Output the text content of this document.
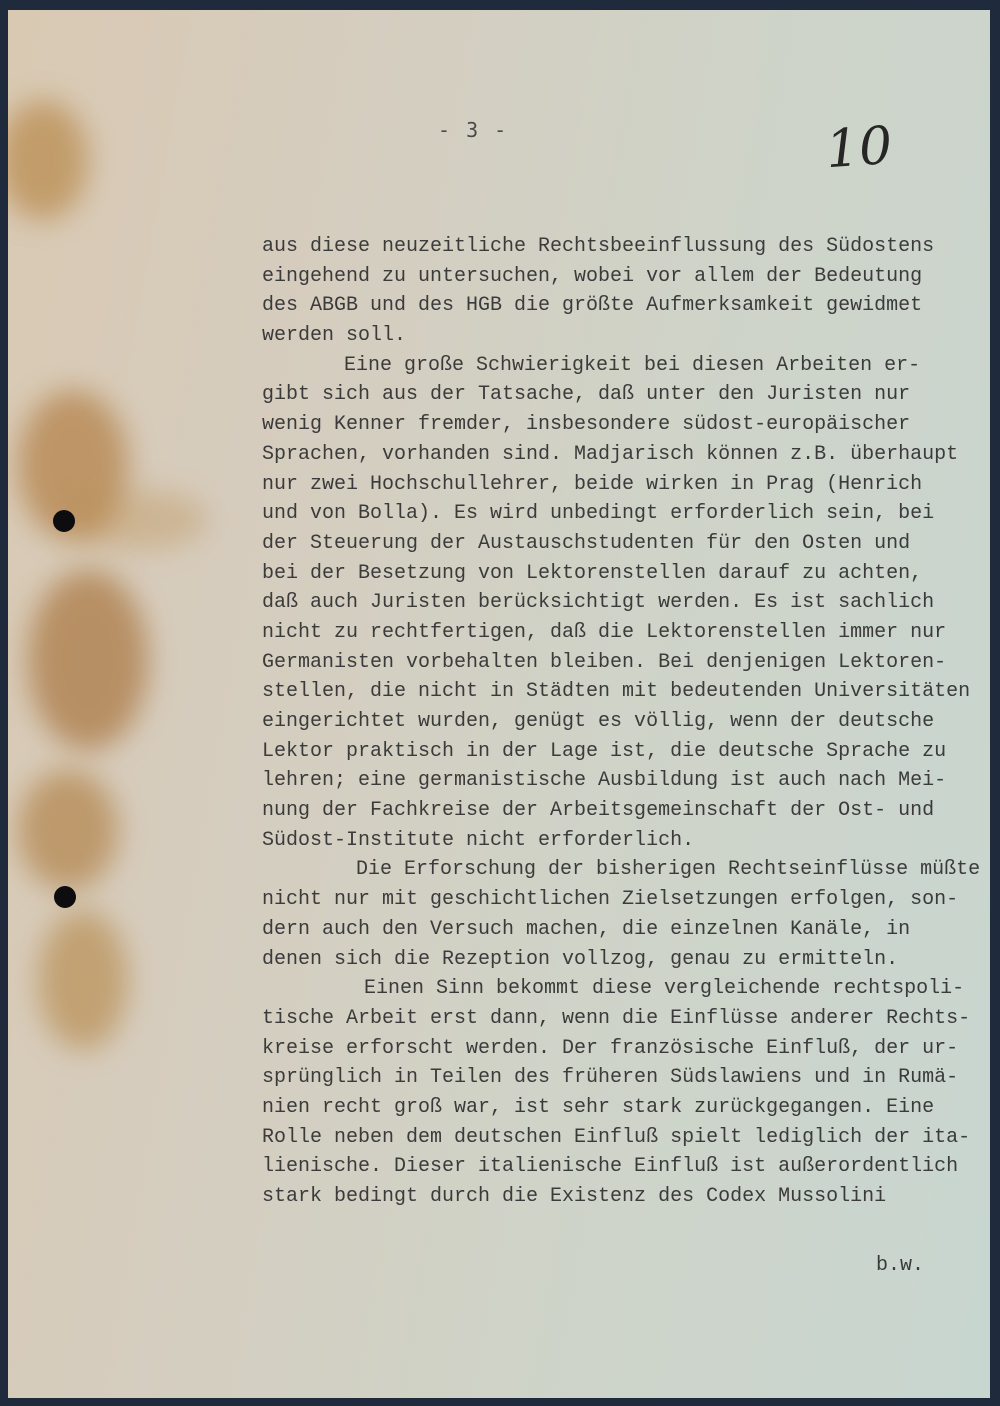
- 3 -	10
aus diese neuzeitliche Rechtsbeeinflussung des Südostens
eingehend zu untersuchen, wobei vor allem der Bedeutung
des ABGB und des HGB die größte Aufmerksamkeit gewidmet
werden soll.
Eine große Schwierigkeit bei diesen Arbeiten er-
gibt sich aus der Tatsache, daß unter den Juristen nur
wenig Kenner fremder, insbesondere südost-europäischer
Sprachen, vorhanden sind. Madjarisch können z.B. überhaupt
nur zwei Hochschullehrer, beide wirken in Prag (Henrich
und von Bolla). Es wird unbedingt erforderlich sein, bei
der Steuerung der Austauschstudenten für den Osten und
bei der Besetzung von Lektorenstellen darauf zu achten,
daß auch Juristen berücksichtigt werden. Es ist sachlich
nicht zu rechtfertigen, daß die Lektorenstellen immer nur
Germanisten vorbehalten bleiben. Bei denjenigen Lektoren-
stellen, die nicht in Städten mit bedeutenden Universitäten
eingerichtet wurden, genügt es völlig, wenn der deutsche
Lektor praktisch in der Lage ist, die deutsche Sprache zu
lehren; eine germanistische Ausbildung ist auch nach Mei-
nung der Fachkreise der Arbeitsgemeinschaft der Ost- und
Südost-Institute nicht erforderlich.
Die Erforschung der bisherigen Rechtseinflüsse müßte
nicht nur mit geschichtlichen Zielsetzungen erfolgen, son-
dern auch den Versuch machen, die einzelnen Kanäle, in
denen sich die Rezeption vollzog, genau zu ermitteln.
Einen Sinn bekommt diese vergleichende rechtspoli-
tische Arbeit erst dann, wenn die Einflüsse anderer Rechts-
kreise erforscht werden. Der französische Einfluß, der ur-
sprünglich in Teilen des früheren Südslawiens und in Rumä-
nien recht groß war, ist sehr stark zurückgegangen. Eine
Rolle neben dem deutschen Einfluß spielt lediglich der ita-
lienische. Dieser italienische Einfluß ist außerordentlich
stark bedingt durch die Existenz des Codex Mussolini
b.w.
